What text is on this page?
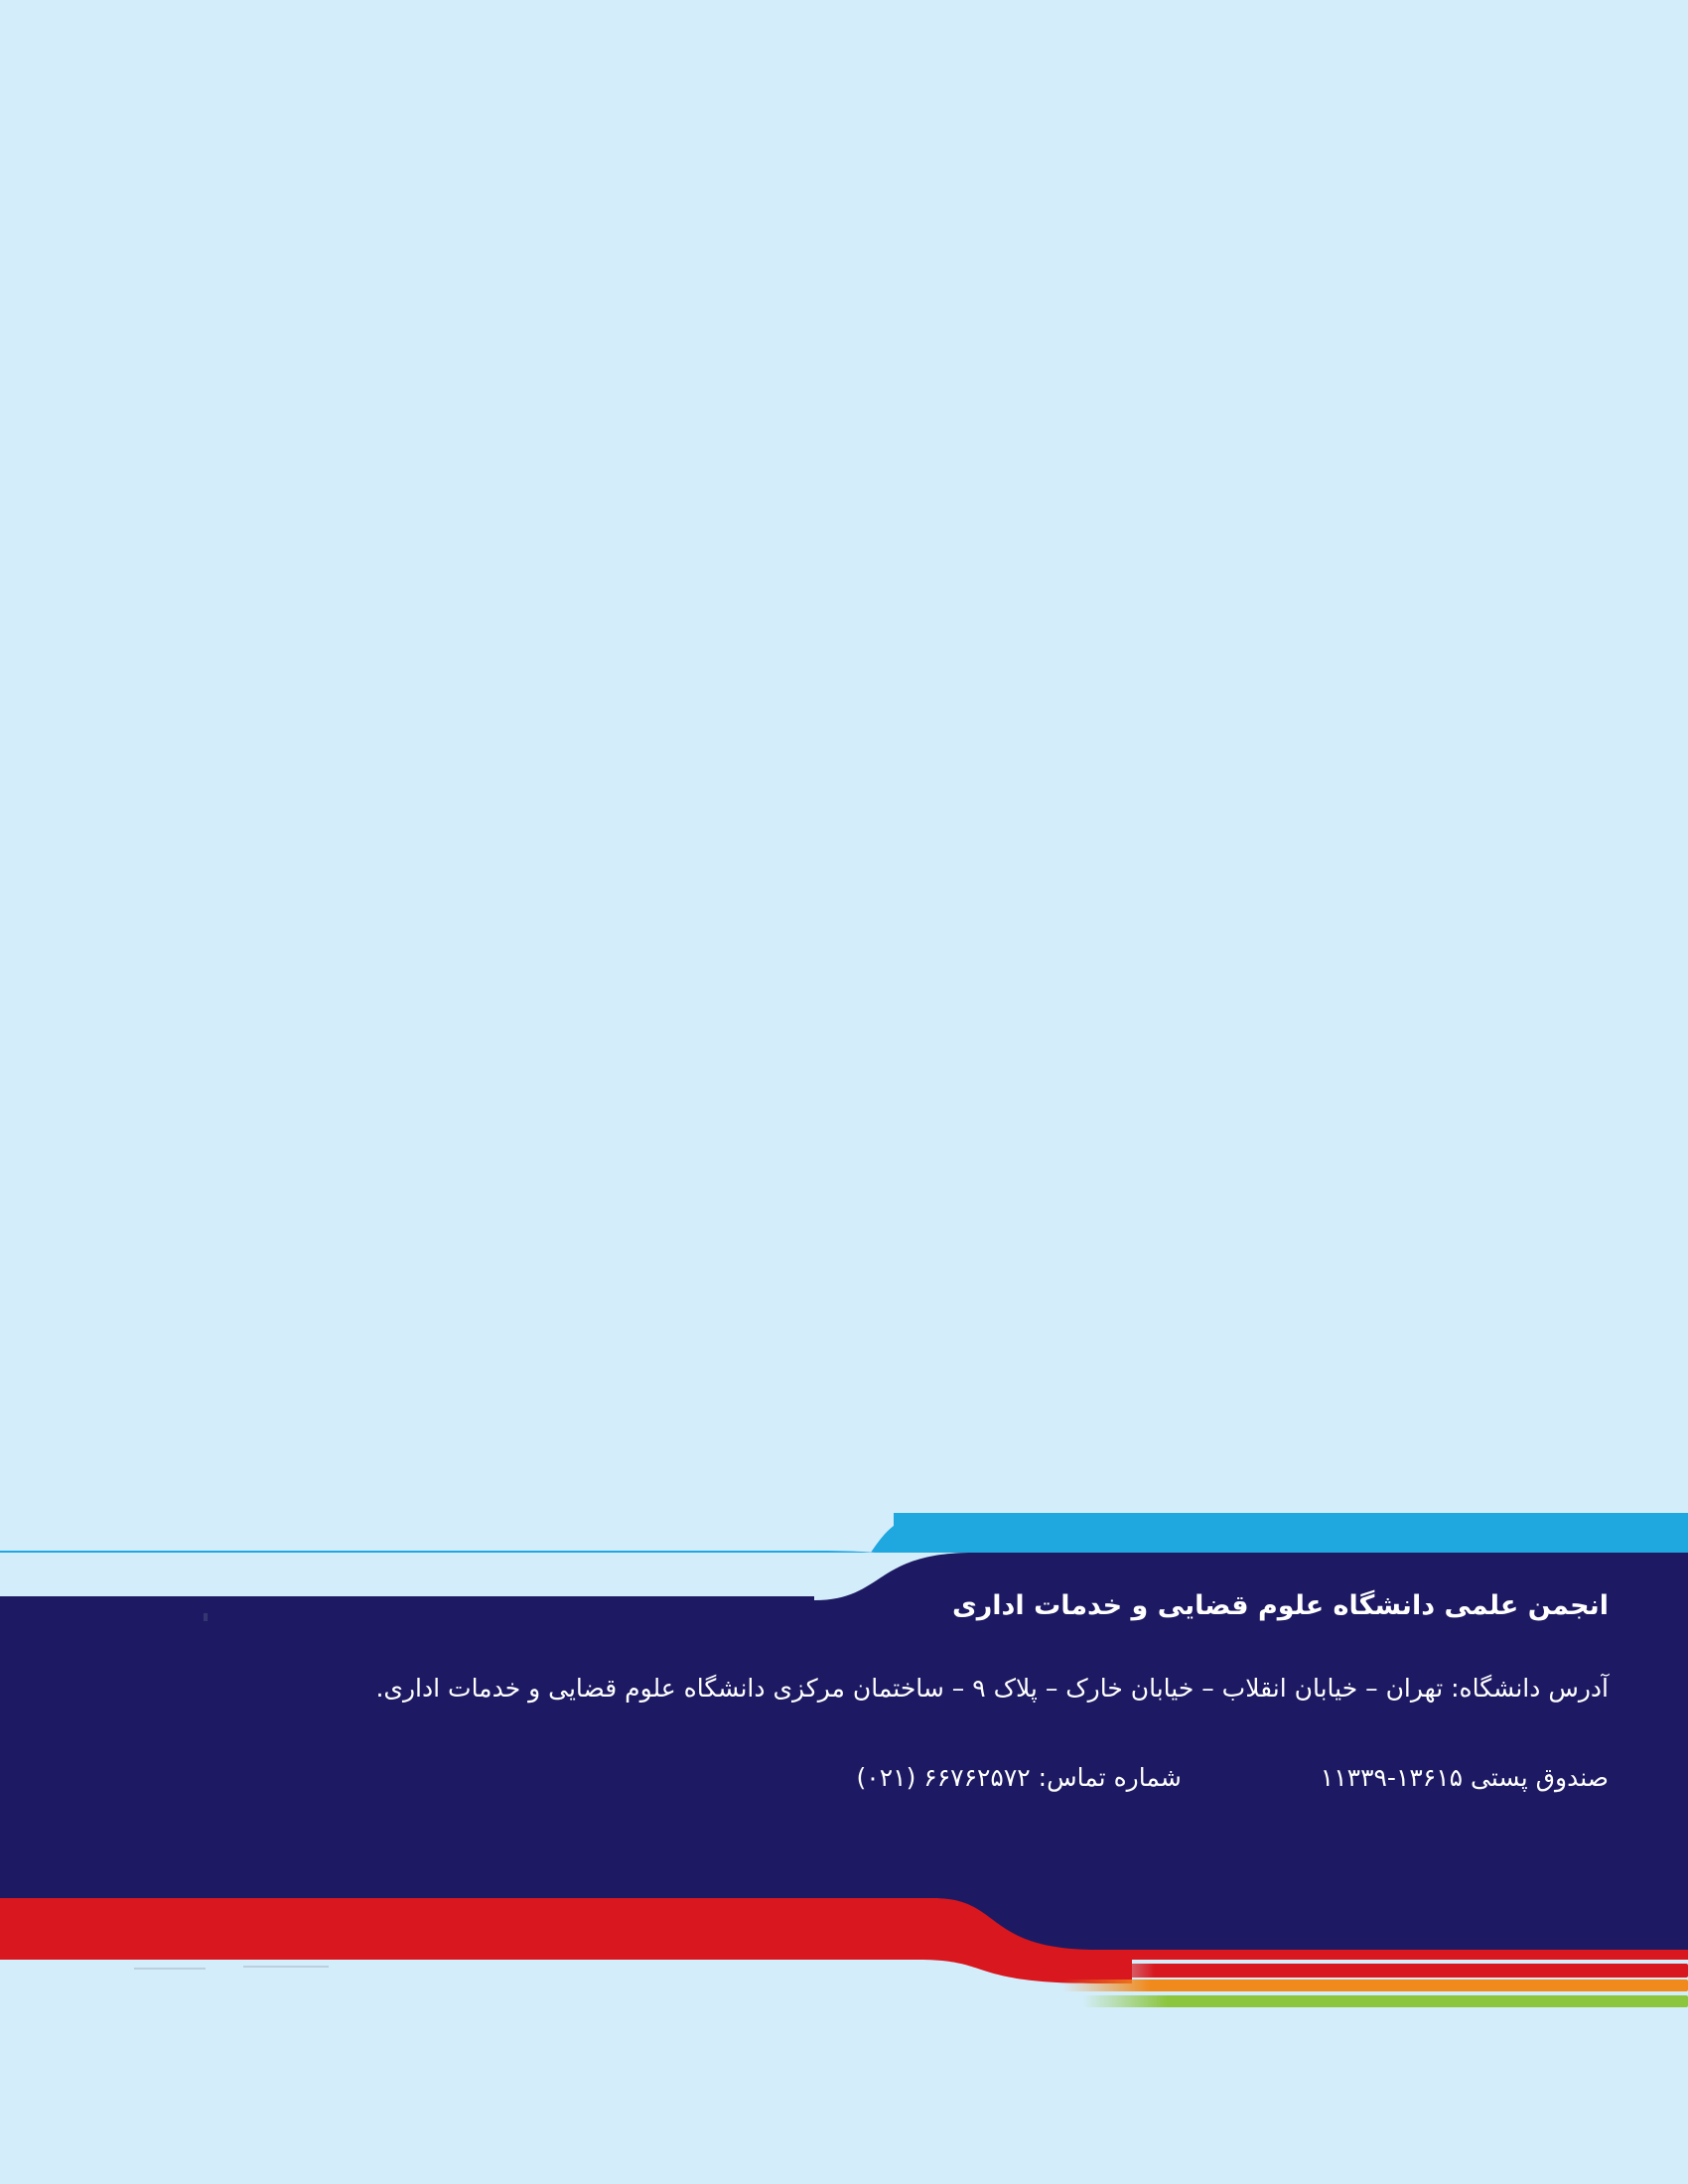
انجمن علمی دانشگاه علوم قضایی و خدمات اداری
آدرس دانشگاه: تهران – خیابان انقلاب – خیابان خارک – پلاک ۹ – ساختمان مرکزی دانشگاه علوم قضایی و خدمات اداری.
صندوق پستی ۱۳۶۱۵-۱۱۳۳۹
شماره تماس: ۶۶۷۶۲۵۷۲ (۰۲۱)
